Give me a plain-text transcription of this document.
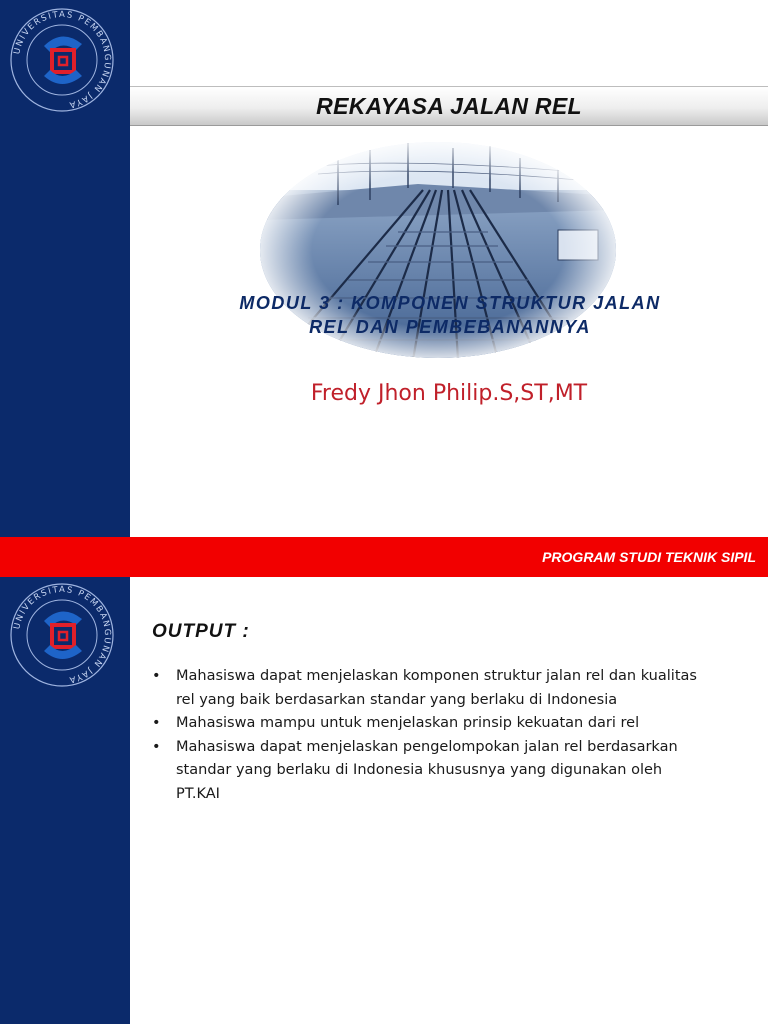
UNIVERSITAS PEMBANGUNAN JAYA	REKAYASA JALAN REL
MODUL 3 : KOMPONEN STRUKTUR JALAN
REL DAN PEMBEBANANNYA
Fredy Jhon Philip.S,ST,MT
PROGRAM STUDI TEKNIK SIPIL
UNIVERSITAS PEMBANGUNAN JAYA
OUTPUT :
• Mahasiswa dapat menjelaskan komponen struktur jalan rel dan kualitas rel yang baik berdasarkan standar yang berlaku di Indonesia
• Mahasiswa mampu untuk menjelaskan prinsip kekuatan dari rel
• Mahasiswa dapat menjelaskan pengelompokan jalan rel berdasarkan standar yang berlaku di Indonesia khususnya yang digunakan oleh PT.KAI
